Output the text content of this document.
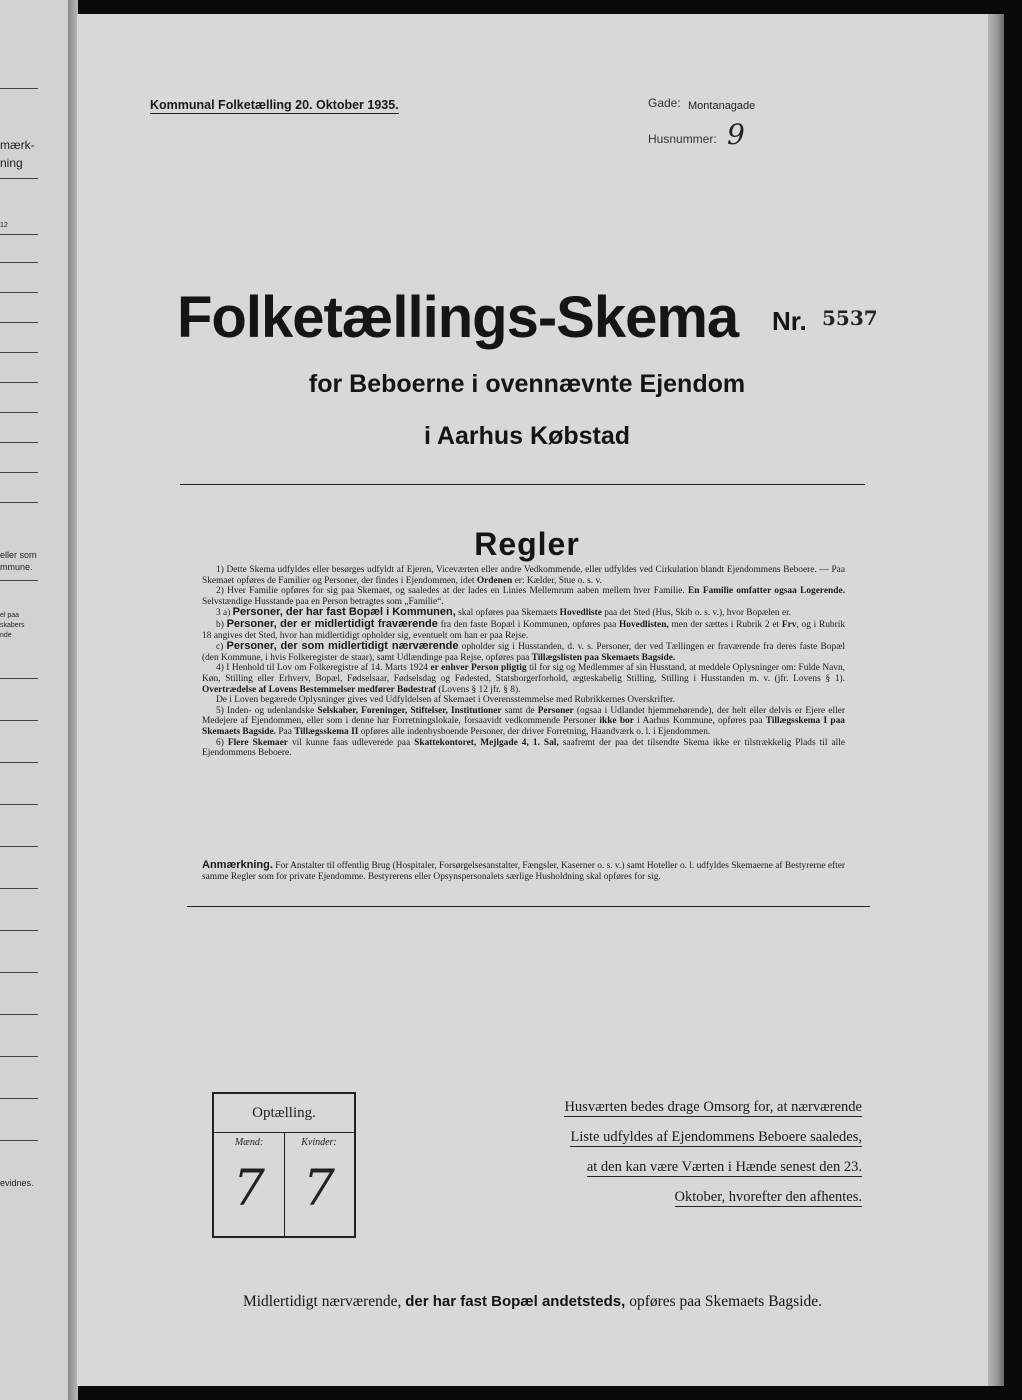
mærk-
ning
12
eller som
mmune.
el paa
skabers
nde
evidnes.
Kommunal Folketælling 20. Oktober 1935.	Gade: Montanagade
Husnummer: 9
Folketællings-Skema Nr. 5537
for Beboerne i ovennævnte Ejendom
i Aarhus Købstad
Regler

1) Dette Skema udfyldes eller besørges udfyldt af Ejeren, Viceværten eller andre Vedkommende, eller udfyldes ved Cirkulation blandt Ejendommens Beboere. — Paa Skemaet opføres de Familier og Personer, der findes i Ejendommen, idet Ordenen er: Kælder, Stue o. s. v.

2) Hver Familie opføres for sig paa Skemaet, og saaledes at der lades en Linies Mellemrum aaben mellem hver Familie. En Familie omfatter ogsaa Logerende. Selvstændige Husstande paa en Person betragtes som „Familie“.

3 a) Personer, der har fast Bopæl i Kommunen, skal opføres paa Skemaets Hovedliste paa det Sted (Hus, Skib o. s. v.), hvor Bopælen er.

b) Personer, der er midlertidigt fraværende fra den faste Bopæl i Kommunen, opføres paa Hovedlisten, men der sættes i Rubrik 2 et Frv, og i Rubrik 18 angives det Sted, hvor han midlertidigt opholder sig, eventuelt om han er paa Rejse.

c) Personer, der som midlertidigt nærværende opholder sig i Husstanden, d. v. s. Personer, der ved Tællingen er fraværende fra deres faste Bopæl (den Kommune, i hvis Folkeregister de staar), samt Udlændinge paa Rejse, opføres paa Tillægslisten paa Skemaets Bagside.

4) I Henhold til Lov om Folkeregistre af 14. Marts 1924 er enhver Person pligtig til for sig og Medlemmer af sin Husstand, at meddele Oplysninger om: Fulde Navn, Køn, Stilling eller Erhverv, Bopæl, Fødselsaar, Fødselsdag og Fødested, Statsborgerforhold, ægteskabelig Stilling, Stilling i Husstanden m. v. (jfr. Lovens § 1). Overtrædelse af Lovens Bestemmelser medfører Bødestraf (Lovens § 12 jfr. § 8).

De i Loven begærede Oplysninger gives ved Udfyldelsen af Skemaet i Overensstemmelse med Rubrikkernes Overskrifter.

5) Inden- og udenlandske Selskaber, Foreninger, Stiftelser, Institutioner samt de Personer (ogsaa i Udlandet hjemmehørende), der helt eller delvis er Ejere eller Medejere af Ejendommen, eller som i denne har Forretningslokale, forsaavidt vedkommende Personer ikke bor i Aarhus Kommune, opføres paa Tillægsskema I paa Skemaets Bagside. Paa Tillægsskema II opføres alle indenbysboende Personer, der driver Forretning, Haandværk o. l. i Ejendommen.

6) Flere Skemaer vil kunne faas udleverede paa Skattekontoret, Mejlgade 4, 1. Sal, saafremt der paa det tilsendte Skema ikke er tilstrækkelig Plads til alle Ejendommens Beboere.

Anmærkning. For Anstalter til offentlig Brug (Hospitaler, Forsørgelsesanstalter, Fængsler, Kaserner o. s. v.) samt Hoteller o. l. udfyldes Skemaerne af Bestyrerne efter samme Regler som for private Ejendomme. Bestyrerens eller Opsynspersonalets særlige Husholdning skal opføres for sig.
Optælling.
Mænd:
7
Kvinder:
7
Husværten bedes drage Omsorg for, at nærværende
Liste udfyldes af Ejendommens Beboere saaledes,
at den kan være Værten i Hænde senest den 23.
Oktober, hvorefter den afhentes.
Midlertidigt nærværende, der har fast Bopæl andetsteds, opføres paa Skemaets Bagside.
